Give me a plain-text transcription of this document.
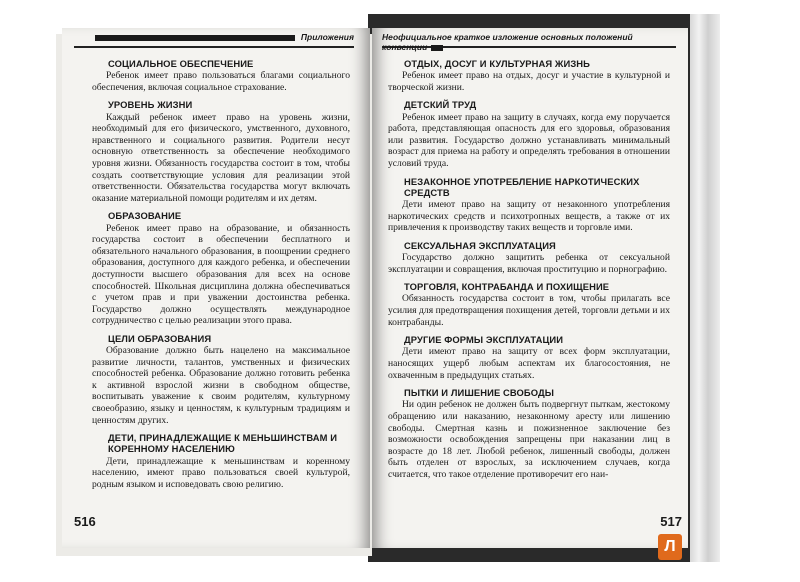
Приложения
СОЦИАЛЬНОЕ ОБЕСПЕЧЕНИЕ

Ребенок имеет право пользоваться благами социального обеспечения, включая социальное страхование.

УРОВЕНЬ ЖИЗНИ

Каждый ребенок имеет право на уровень жизни, необходимый для его физического, умственного, духовного, нравственного и социального развития. Родители несут основную ответственность за обеспечение необходимого уровня жизни. Обязанность государства состоит в том, чтобы создать соответствующие условия для реализации этой ответственности. Обязательства государства могут включать оказание материальной помощи родителям и их детям.

ОБРАЗОВАНИЕ

Ребенок имеет право на образование, и обязанность государства состоит в обеспечении бесплатного и обязательного начального образования, в поощрении среднего образования, доступного для каждого ребенка, и обеспечении доступности высшего образования для всех на основе способностей. Школьная дисциплина должна обеспечиваться с учетом прав и при уважении достоинства ребенка. Государство должно осуществлять международное сотрудничество с целью реализации этого права.

ЦЕЛИ ОБРАЗОВАНИЯ

Образование должно быть нацелено на максимальное развитие личности, талантов, умственных и физических способностей ребенка. Образование должно готовить ребенка к активной взрослой жизни в свободном обществе, воспитывать уважение к своим родителям, культурному своеобразию, языку и ценностям, к культурным традициям и ценностям других.

ДЕТИ, ПРИНАДЛЕЖАЩИЕ К МЕНЬШИНСТВАМ И КОРЕННОМУ НАСЕЛЕНИЮ

Дети, принадлежащие к меньшинствам и коренному населению, имеют право пользоваться своей культурой, родным языком и исповедовать свою религию.

516
Неофициальное краткое изложение основных положений конвенции
ОТДЫХ, ДОСУГ И КУЛЬТУРНАЯ ЖИЗНЬ

Ребенок имеет право на отдых, досуг и участие в культурной и творческой жизни.

ДЕТСКИЙ ТРУД

Ребенок имеет право на защиту в случаях, когда ему поручается работа, представляющая опасность для его здоровья, образования или развития. Государство должно устанавливать минимальный возраст для приема на работу и определять требования в отношении условий труда.

НЕЗАКОННОЕ УПОТРЕБЛЕНИЕ НАРКОТИЧЕСКИХ СРЕДСТВ

Дети имеют право на защиту от незаконного употребления наркотических средств и психотропных веществ, а также от их привлечения к производству таких веществ и торговле ими.

СЕКСУАЛЬНАЯ ЭКСПЛУАТАЦИЯ

Государство должно защитить ребенка от сексуальной эксплуатации и совращения, включая проституцию и порнографию.

ТОРГОВЛЯ, КОНТРАБАНДА И ПОХИЩЕНИЕ

Обязанность государства состоит в том, чтобы прилагать все усилия для предотвращения похищения детей, торговли детьми и их контрабанды.

ДРУГИЕ ФОРМЫ ЭКСПЛУАТАЦИИ

Дети имеют право на защиту от всех форм эксплуатации, наносящих ущерб любым аспектам их благосостояния, не охваченным в предыдущих статьях.

ПЫТКИ И ЛИШЕНИЕ СВОБОДЫ

Ни один ребенок не должен быть подвергнут пыткам, жестокому обращению или наказанию, незаконному аресту или лишению свободы. Смертная казнь и пожизненное заключение без возможности освобождения запрещены при наказании лиц в возрасте до 18 лет. Любой ребенок, лишенный свободы, должен быть отделен от взрослых, за исключением случаев, когда считается, что такое отделение противоречит его наи-

517
Л
